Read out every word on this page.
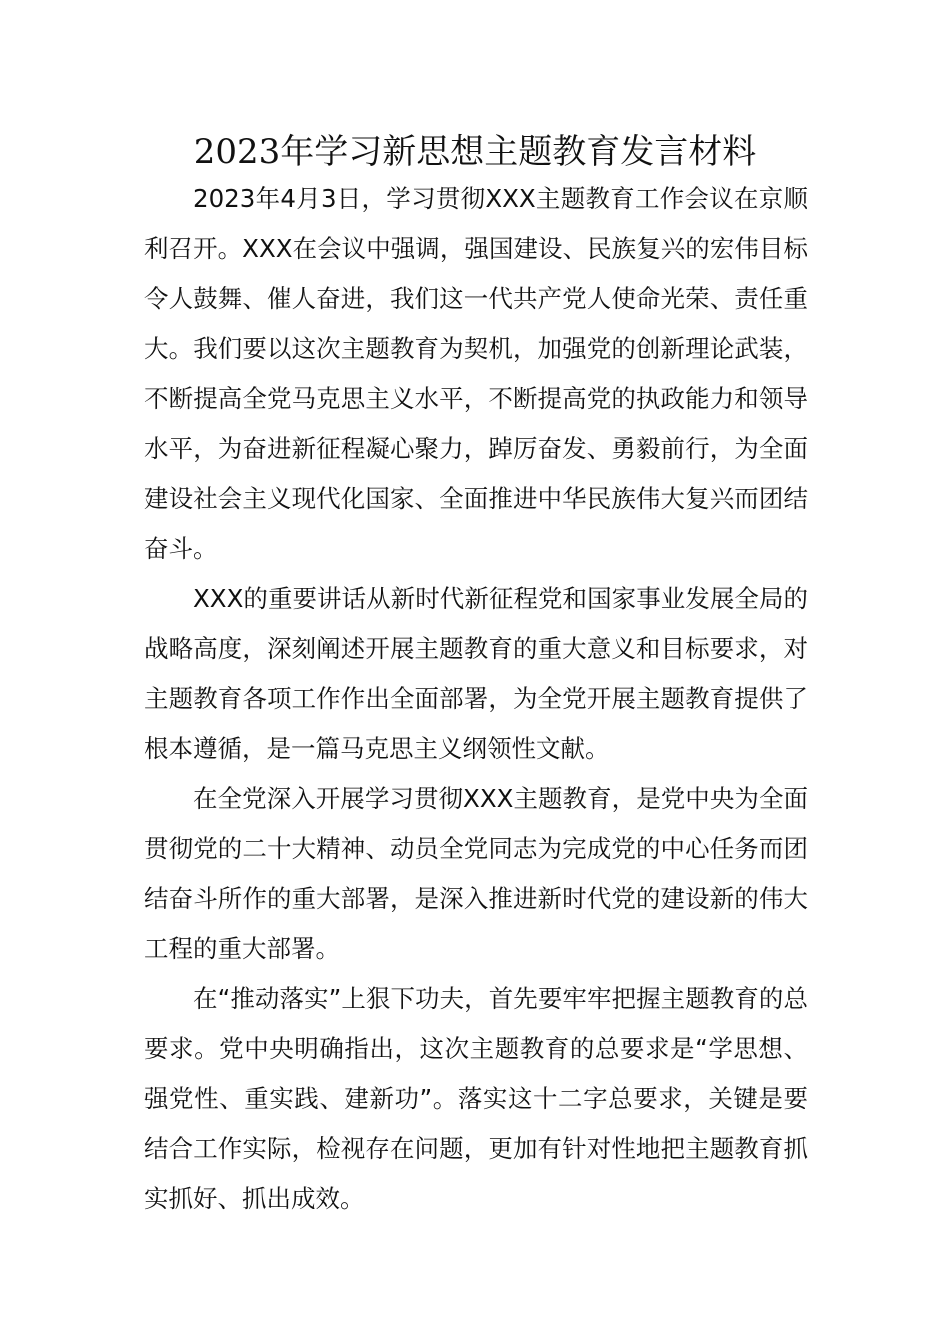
2023年学习新思想主题教育发言材料

2023年4月3日，学习贯彻XXX主题教育工作会议在京顺利召开。XXX在会议中强调，强国建设、民族复兴的宏伟目标令人鼓舞、催人奋进，我们这一代共产党人使命光荣、责任重大。我们要以这次主题教育为契机，加强党的创新理论武装，不断提高全党马克思主义水平，不断提高党的执政能力和领导水平，为奋进新征程凝心聚力，踔厉奋发、勇毅前行，为全面建设社会主义现代化国家、全面推进中华民族伟大复兴而团结奋斗。

XXX的重要讲话从新时代新征程党和国家事业发展全局的战略高度，深刻阐述开展主题教育的重大意义和目标要求，对主题教育各项工作作出全面部署，为全党开展主题教育提供了根本遵循，是一篇马克思主义纲领性文献。

在全党深入开展学习贯彻XXX主题教育，是党中央为全面贯彻党的二十大精神、动员全党同志为完成党的中心任务而团结奋斗所作的重大部署，是深入推进新时代党的建设新的伟大工程的重大部署。

在“推动落实”上狠下功夫，首先要牢牢把握主题教育的总要求。党中央明确指出，这次主题教育的总要求是“学思想、强党性、重实践、建新功”。落实这十二字总要求，关键是要结合工作实际，检视存在问题，更加有针对性地把主题教育抓实抓好、抓出成效。
